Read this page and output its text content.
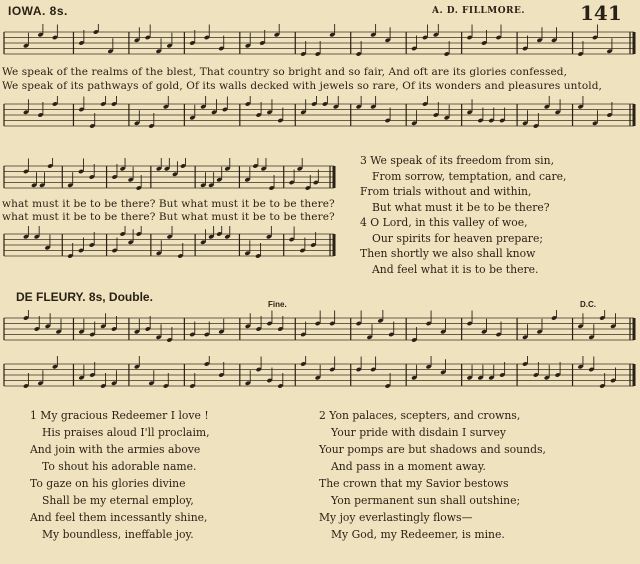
IOWA. 8s.	A. D. FILLMORE.	141
We speak of the realms of the blest, That country so bright and so fair, And oft are its glories confessed,
We speak of its pathways of gold, Of its walls decked with jewels so rare, Of its wonders and pleasures untold,
what must it be to be there? But what must it be to be there?
what must it be to be there? But what must it be to be there?
3 We speak of its freedom from sin,
From sorrow, temptation, and care,
From trials without and within,
But what must it be to be there?
4 O Lord, in this valley of woe,
Our spirits for heaven prepare;
Then shortly we also shall know
And feel what it is to be there.
DE FLEURY. 8s, Double.
Fine.	D.C.
1 My gracious Redeemer I love !
His praises aloud I'll proclaim,
And join with the armies above
To shout his adorable name.
To gaze on his glories divine
Shall be my eternal employ,
And feel them incessantly shine,
My boundless, ineffable joy.
2 Yon palaces, scepters, and crowns,
Your pride with disdain I survey
Your pomps are but shadows and sounds,
And pass in a moment away.
The crown that my Savior bestows
Yon permanent sun shall outshine;
My joy everlastingly flows—
My God, my Redeemer, is mine.
